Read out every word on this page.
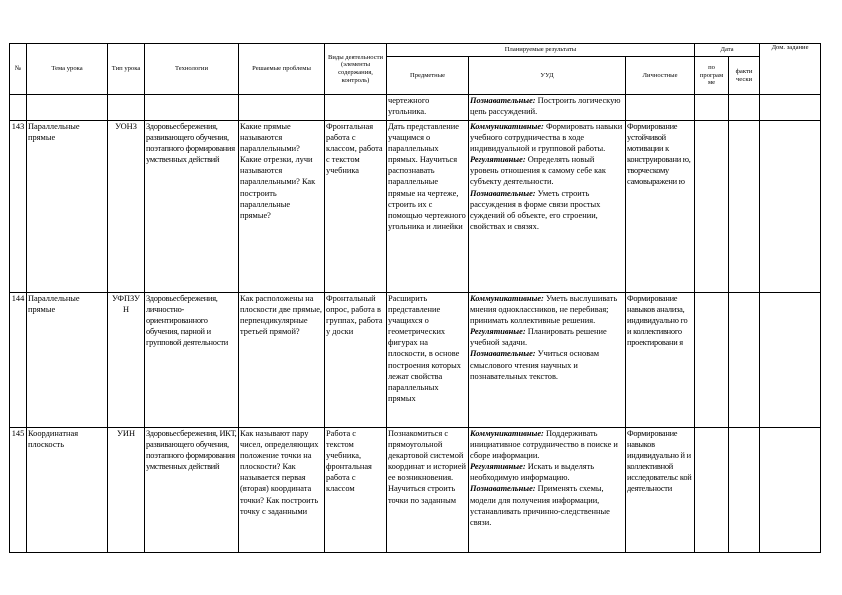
№	Тема урока	Тип урока	Технологии	Решаемые проблемы	Виды деятельности (элементы содержания, контроль)	Планируемые результаты			Дата		Дом. задание
						Предметные	УУД	Личностные	по програм ме	факти чески	
						чертежного угольника.	Познавательные: Построить логическую цепь рассуждений.				
143	Параллельные прямые	УОНЗ	Здоровьесбережения, развивающего обучения, поэтапного формирования умственных действий	Какие прямые называются параллельными? Какие отрезки, лучи называются параллельными? Как построить параллельные прямые?	Фронтальная работа с классом, работа с текстом учебника	Дать представление учащимся о параллельных прямых. Научиться распознавать параллельные прямые на чертеже, строить их с помощью чертежного угольника и линейки	Коммуникативные: Формировать навыки учебного сотрудничества в ходе индивидуальной и групповой работы.
Регулятивные: Определять новый уровень отношения к самому себе как субъекту деятельности.
Познавательные: Уметь строить рассуждения в форме связи простых суждений об объекте, его строении, свойствах и связях.	Формирование устойчивой мотивации к конструировани ю, творческому самовыражени ю			
144	Параллельные прямые	УФПЗУ Н	Здоровьесбережения, личностно-ориентированного обучения, парной и групповой деятельности	Как расположены на плоскости две прямые, перпендикулярные третьей прямой?	Фронтальный опрос, работа в группах, работа у доски	Расширить представление учащихся о геометрических фигурах на плоскости, в основе построения которых лежат свойства параллельных прямых	Коммуникативные: Уметь выслушивать мнения одноклассников, не перебивая; принимать коллективные решения.
Регулятивные: Планировать решение учебной задачи.
Познавательные: Учиться основам смыслового чтения научных и познавательных текстов.	Формирование навыков анализа, индивидуально го и коллективного проектировани я			
145	Координатная плоскость	УИН	Здоровьесбережения, ИКТ, развивающего обучения, поэтапного формирования умственных действий	Как называют пару чисел, определяющих положение точки на плоскости? Как называется первая (вторая) координата точки? Как построить точку с заданными	Работа с текстом учебника, фронтальная работа с классом	Познакомиться с прямоугольной декартовой системой координат и историей ее возникновения. Научиться строить точки по заданным	Коммуникативные: Поддерживать инициативное сотрудничество в поиске и сборе информации.
Регулятивные: Искать и выделять необходимую информацию.
Познавательные: Применять схемы, модели для получения информации, устанавливать причинно-следственные связи.	Формирование навыков индивидуально й и коллективной исследовательс кой деятельности			
